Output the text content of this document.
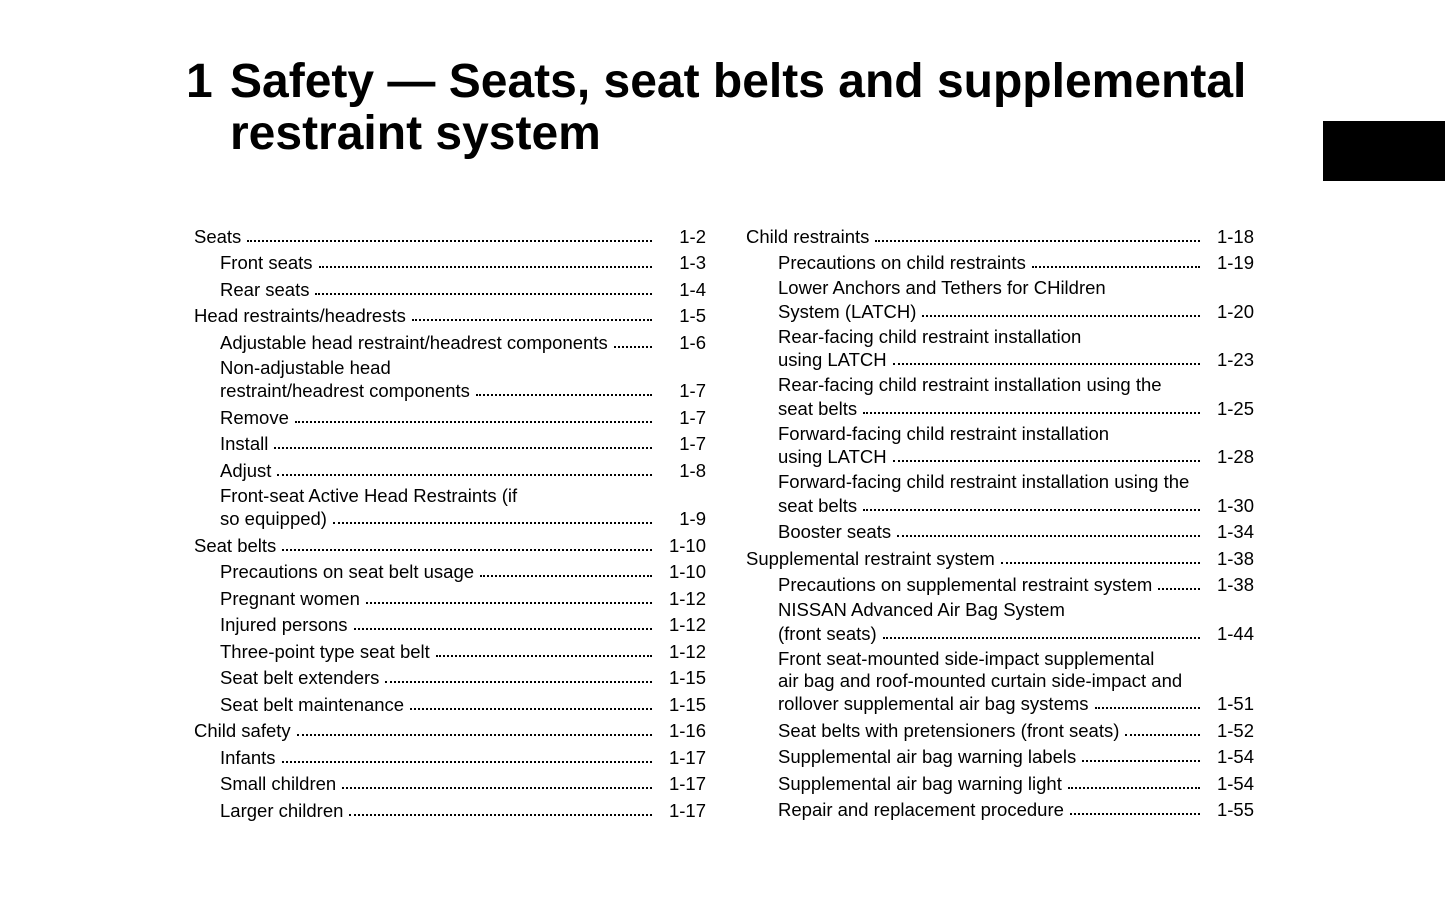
1 Safety — Seats, seat belts and supplemental
restraint system
Seats	1-2
Front seats	1-3
Rear seats	1-4
Head restraints/headrests	1-5
Adjustable head restraint/headrest components	1-6
Non-adjustable head
restraint/headrest components	1-7
Remove	1-7
Install	1-7
Adjust	1-8
Front-seat Active Head Restraints (if
so equipped)	1-9
Seat belts	1-10
Precautions on seat belt usage	1-10
Pregnant women	1-12
Injured persons	1-12
Three-point type seat belt	1-12
Seat belt extenders	1-15
Seat belt maintenance	1-15
Child safety	1-16
Infants	1-17
Small children	1-17
Larger children	1-17
Child restraints	1-18
Precautions on child restraints	1-19
Lower Anchors and Tethers for CHildren
System (LATCH)	1-20
Rear-facing child restraint installation
using LATCH	1-23
Rear-facing child restraint installation using the
seat belts	1-25
Forward-facing child restraint installation
using LATCH	1-28
Forward-facing child restraint installation using the
seat belts	1-30
Booster seats	1-34
Supplemental restraint system	1-38
Precautions on supplemental restraint system	1-38
NISSAN Advanced Air Bag System
(front seats)	1-44
Front seat-mounted side-impact supplemental
air bag and roof-mounted curtain side-impact and
rollover supplemental air bag systems	1-51
Seat belts with pretensioners (front seats)	1-52
Supplemental air bag warning labels	1-54
Supplemental air bag warning light	1-54
Repair and replacement procedure	1-55
